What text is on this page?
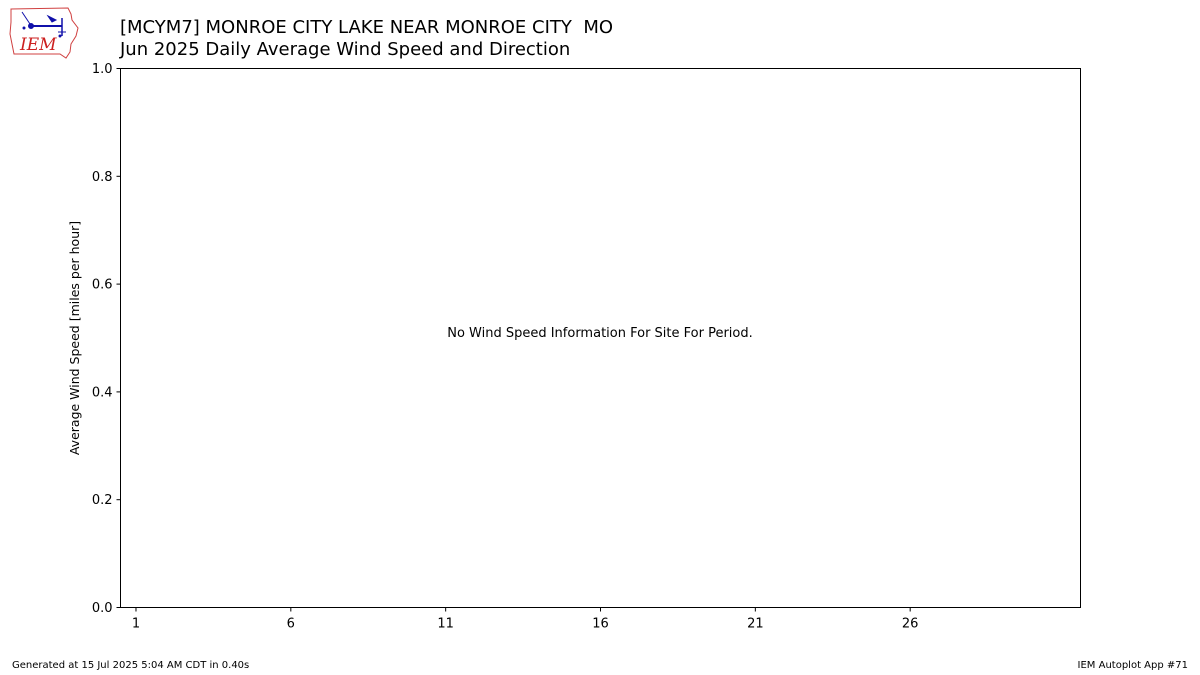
IEM
[MCYM7] MONROE CITY LAKE NEAR MONROE CITY  MO
Jun 2025 Daily Average Wind Speed and Direction
0.0
0.2
0.4
0.6
0.8
1.0
1	6	11	16	21	26
Average Wind Speed [miles per hour]	No Wind Speed Information For Site For Period.
Generated at 15 Jul 2025 5:04 AM CDT in 0.40s	IEM Autoplot App #71
